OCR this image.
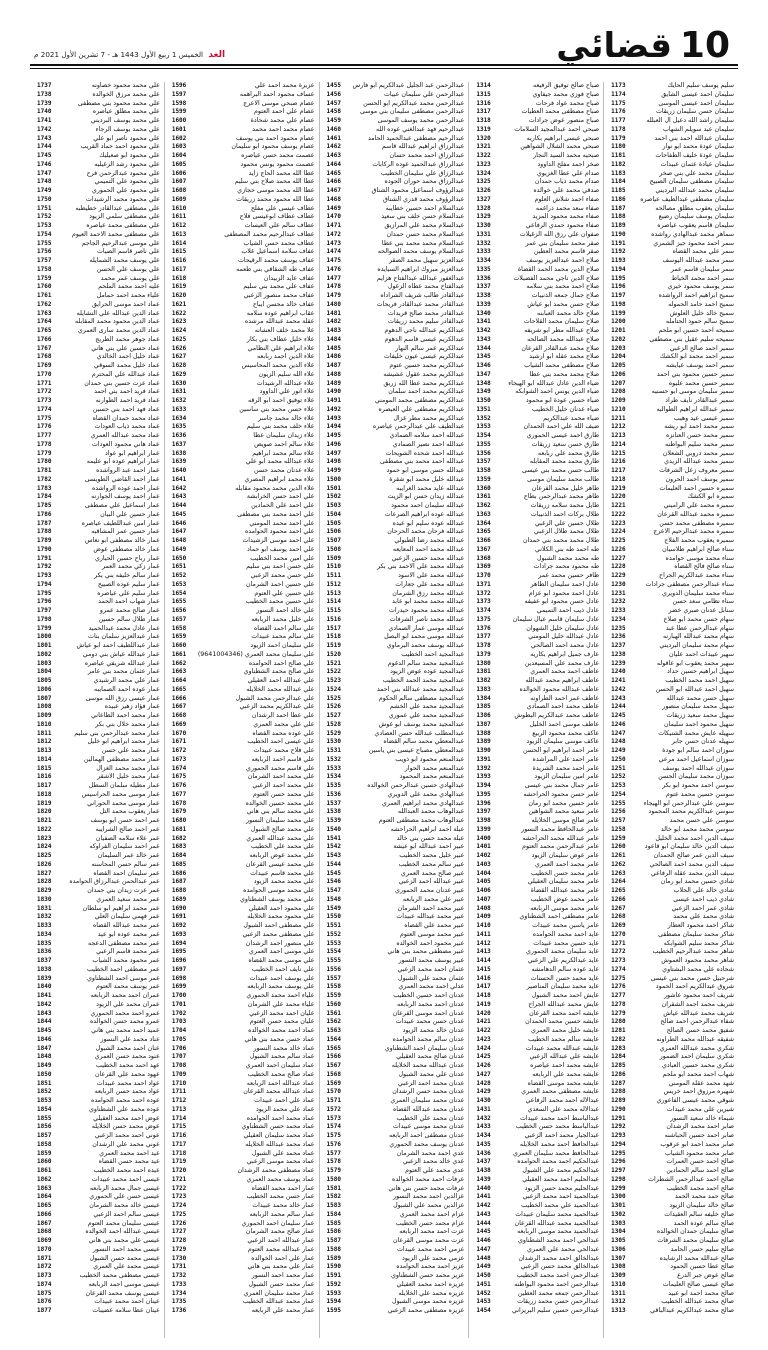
10
قضائي
الغد الخميس 1 ربيع الأول 1443 هـ - 7 تشرين الأول 2021 م
سليم يوسف سليم الحايك
1173
سليمان احمد عيسى الشايق
1174
سليمان احمد عيسى الموسى
1175
سليمان حسن سليمان زريقات
1176
سليمان راشد الله دعيل ال العبلله
1177
سليمان عبد سويلم الشهاب
1178
سليمان عبدالله احمد بني احمد
1179
سليمان عودة محمد ابو نوار
1180
سليمان عودة خليف الطفاحات
1181
سليمان عيادة عثمان عبيدات
1182
سليمان محمد علي بني صخر
1183
سليمان مصطفى سليمان الصبيح
1184
سليمان محمد عبدالله البرديني
1185
سليمان مصطفى عبدالطيف عياصره
1186
سليمان يعقوب مطلق مصالحه
1187
سليمان يوسف سليمان رضيع
1188
سليمان قاسم يعقوب عياصره
1189
سماهر محمد عبدالهادي رواشده
1190
سمر احمد محمود جيز الشمري
1191
سمر علي محمد القضاه
1192
سمر محمد عبدالله اليوسف
1193
سمر سليمان قاسم عمر
1194
سمر احمد محمد الخياط
1195
سمر يوسف محمود خيري
1196
سميح ابراهيم احمد الرواشده
1197
سميح احمد حامد الحموله
1198
سميح خالد خليل العلوش
1199
سميح سالم حمود الحتامله
1200
سميحه احمد حسين ابو ملحم
1201
سميحه سليم عقيل بني مصطفى
1202
سمير احمد صالح الزعبي
1203
سمير احمد محمد ابو الكشك
1204
سمير احمد يوسف عيايشه
1205
سمير حسين محمود بني احمد
1206
سمير حسين محمد عليوه
1207
سمير سليمان موسى ابو حسنيه
1208
سمير عبدالقادر نايف طراد
1209
سمير عبدالله ابراهيم الطوالبه
1210
سمير عيسى عيد وهيب
1211
سمير محمد احمد ابو ريشه
1212
سمير محمد حسن العنانزه
1213
سمير محمد سليم البواطنه
1214
سمير محمد دروبي الشعلان
1215
سمير محمد عبدالله الزيدي
1216
سمير معروف زعل الشرفات
1217
سمير يوسف احمد الحرون
1218
سميره حسين احمد العليمات
1219
سميره ابو الكشك
1220
سميره محمد علي الراميني
1221
سميره محمد عبدالله القرعان
1222
سميره مصطفى محمد حسن
1223
سميره محمد عبدالرحيم الاعرج
1224
سميره يعقوب محمد الفلاح
1225
سناء صالح ابراهيم طلاسيان
1226
سناء محمد موسى حوامده
1227
سناء صالح فالح القضاه
1228
سناء محمد عبدالكريم الجراح
1229
سناء عبدالرحمن مصطفى جرادات
1230
سناء محمد سليمان الدويري
1231
سناء نظامي سعد حسن
1232
سنابل عدنان صبري خضر
1233
سهام حسن محمد ابو صلاح
1234
سهام عبدالرحمن عطا عبد
1235
سهام محمد عبدالله الهبارنه
1236
سهام محمد سليمان البرديني
1237
سهير عبيدات احمد عليان
1238
سهير محمد يعقوب ابو عاقوله
1239
سهيل ابراهيم حسين حداد
1240
سهيل احمد محمد الخطيب
1241
سهيل احمد عبدالله ابو الحسن
1242
سهيل حسن محمد عبدالله
1243
سهيل محمد سليمان منصور
1244
سهيل محمد سعيد زريقات
1245
سهيل محمود احمد سليمان
1246
سهيله عايش محمد الشنيكات
1247
سهيله عدنان حسن جابر
1248
سوزان احمد سالم ابو جودة
1249
سوزان اسماعيل احمد مرعي
1250
سوزان عبدالله احمد يوسف
1251
سوزان محمد سليمان الحسن
1252
سوسن احمد محمود ابو بكر
1253
سوسن حسين محمد عتوم
1254
سوسن علي عبدالرحمن ابو الهيجاء
1255
سوسن عبدالكريم محمد المحمود
1256
سوسن علي حسن محمد
1257
سوسن محمد محمد ابو خالد
1258
سيف الدين احمد محمد الخليل
1259
سيف الدين خالد سليمان ابو قاعود
1260
سيف الدين عمر صالح الحمدان
1261
سيف الدين محمد احمد الصالحي
1262
سيف الدين محمد عقلة الرفاعي
1263
شادي حسين محمد ابو رمان
1264
شادي خالد علي الحلاب
1265
شادي ذيب احمد عيسى
1266
شادي عمر احمد الزعبي
1267
شادي محمد علي محمد
1268
شاكر احمد محمود العطار
1269
شاكر محمد سليمان مصطفى
1270
شاكر محمد سليم الشوابكه
1271
شاهر محمد عبدالرحيم الخطيب
1272
شاهر محمد محمود العموش
1273
شحاده علي محمد البشتاوي
1274
شرحبيل حسن محمد بني عيسى
1275
شروق عبدالكريم احمد الحمود
1276
شريف احمد محمود عاشور
1277
شريف محمد احمد الشقران
1278
شريف محمد عبدالله عياش
1279
شفاء عبدالرحمن احمد صالح
1280
شفيق محمد حسن الصالح
1281
شفيقه عبدالله محمد الطراونه
1282
شكري محمد عبدالله العمري
1283
شكري سليمان احمد الضمور
1284
شكري محمد حسين العبادي
1285
شهاب احمد محمد ابو ملحم
1286
شهد محمد عقلة المومني
1287
شهيره مرزوق احمد خريس
1288
شوقي محمد عيسى الفاعوري
1289
شيرين علي محمد عبيدات
1290
شيماء خالد سعيد النسور
1291
صابر احمد محمد الرشدان
1292
صابر احمد حسين الحباشنه
1293
صابر محمد احمد ابو عرقوب
1294
صابر محمد محمود الشياب
1295
صالح احمد حسن العمرات
1296
صالح احمد سالم الحمادين
1297
صالح احمد عبدالرحمن الشطرات
1298
صالح احمد محمد الخطيب
1299
صالح حمد محمد الحمد
1300
صالح خالد سليمان الزيود
1301
صالح خليفه سالم العقيدات
1302
صالح سالم عوده الحمد
1303
صالح سليمان حمدان الخوالده
1304
صالح سليمان محمد الشرفات
1305
صالح سليم حسن الحامد
1306
صالح عبدالله محمد الرشايده
1307
صالح عطا حسين الحمود
1308
صالح عوض جبر الدرع
1309
صالح عيسى صالح العليمات
1310
صالح محمد احمد ابو عبيد
1311
صالح محمد عبدالله الخطيب
1312
صالح محمد عبدالكريم عبدالباقي
1313
صباح صالح توفيق الرفيعه
1314
صباح فوزي محمد جيفاوي
1315
صباح محمد عواد فرحات
1316
صباح مصطفى محمد العطيات
1317
صباح منصور عوض جرادات
1318
صبحي احمد عبدالمجيد السلامات
1319
صبحي عيسى ابراهيم بكاريه
1320
صبحي محمد الشلال الشواهين
1321
صبحيه محمد السيد النجار
1322
صخر احمد مفلح الداوود
1323
صدام علي عطا الغزيوي
1324
صدام محمد ذياب حمدان
1325
صدقي محمد علي خوالده
1326
صفاء احمد شلاش العلوم
1327
صفاء سعد محمد دراغمه
1328
صفاء محمد محمود المزيد
1329
صفاء محمود حمدي الرفاعي
1330
صفوان علي رزق الله الزغيلات
1331
صقر محمد سليمان بني عمر
1332
صقر قاسم محمد العطين
1333
صلاح احمد عبدالعزيز يوسف
1334
صلاح الدين محمد الحمد القضاة
1335
صلاح الدين ناجي محمد الفضيلات
1336
صلاح احمد محمد بني سلامه
1337
صلاح جمال جمعه الذنيبات
1338
صلاح حسن محمد ابو عياش
1339
صلاح خالد محمد العبابنه
1340
صلاح سليمان محمد القلاحات
1341
صلاح عبدالله مطر ابو شريفه
1342
صلاح عبدالله محمد الصالحه
1343
صلاح محمد عبدالقادر القرعان
1344
صلاح محمد عقلة ابو ارشيد
1345
صلاح مصطفى محمد الشياب
1346
صلاح محمد محمد بني عطا
1347
ضياء الدين عادل عبدالله ابو الهيجاء
1348
ضياء الدين يونس احمد الشوابكه
1349
ضياء حسين عودة ابو محمود
1350
ضياء عدنان خليل الخطيب
1351
ضياء محمد عبدالكريم
1352
ضيف الله علي احمد الحمدان
1353
طارق احمد عيسى الحموري
1354
طارق حسن سعيد زريقات
1355
طارق محمد علي ربابعه
1356
طارق محمد محمد المقابله
1357
طالب حسن محمد بني عيسى
1358
طالب محمد سليمان موسى
1359
طاهر خليل محمد القرعان
1360
طاهر محمد عبدالرحمن بطاح
1361
طايل محمد سلامه زريقات
1362
طلال بركات احمد الذنيبات
1363
طلال حسين علي الزغبي
1364
طلال محمد طلال الزعبي
1365
طلال محمد محمد بني حمدان
1366
طه احمد طه بني الكلاني
1367
طه محمد محمد الشبول
1368
طه محمود محمد جرادات
1369
ظافر حسين محمد عمر
1370
عادل احمد سليمان الطاهر
1371
عادل احمد محمود ابو عزام
1372
عادل حسن محمود ابو عفيفه
1373
عادل ذيب احمد التميمي
1374
عادل سليمان قاسم عيال سليمان
1375
عادل سليمان خليل الشهوان
1376
عادل عبدالله خليل المومني
1377
عادل محمد احمد الصالحي
1378
عارف جميل ابراهيم بكاريه
1379
عارف محمد علي المسيعدين
1380
عاطف احمد محمد العمري
1381
عاطف ابراهيم محمد عبدالله
1382
عاطف عبدالله محمود الخوالده
1383
عاطف عمر احمد الطراونه
1384
عاطف محمد احمد الصمادي
1385
عاطف محمد عبدالكريم البطوش
1386
عاطف موسى احمد الخليل
1387
عاكف محمد محمود الربيع
1388
عاكف موسى سليمان الزيود
1389
عامر احمد ابراهيم ابو الحسن
1390
عامر احمد علي المراشده
1391
عامر احمد محمد الشريدة
1392
عامر امين سليمان الزيود
1393
عامر جمال محمد بني عيسى
1394
عامر حسن محمود الحراحشه
1395
عامر حسين محمد ابو رمان
1396
عامر سعيد محمد الشواهين
1397
عامر صالح موسى الخلايله
1398
عامر عبدالحافظ محمد النسور
1399
عامر عبدالله محمد الحراحشه
1400
عامر عبدالرحمن محمد العتوم
1401
عامر عوض سليمان الزيود
1402
عامر محمد احمد العمري
1403
عامر محمد حسن الخطيب
1404
عامر محمد سليمان العقيلي
1405
عامر محمد عبدالله القضاة
1406
عامر محمد عوض الخطيب
1407
عامر محمد موسى الربابعه
1408
عامر مصطفى احمد الشطناوي
1409
عامر ياسين محمد عبيدات
1410
عايد احمد محمد الحوامده
1411
عايد حسين محمد عبيدات
1412
عايد سليمان محمد الحموري
1413
عايد عبدالكريم علي الزعبي
1414
عايد عوده سالم الدهامشه
1415
عايد محمد حسن الحسنات
1416
عايد محمد سليمان المناصير
1417
عايش احمد محمد الشبول
1418
عايش محمد عبدالله الجراح
1419
عايشه احمد محمد القرعان
1420
عايشه حسين محمد الحمدان
1421
عايشه خليل محمد العمري
1422
عايشه سالم محمد الخطيب
1423
عايشه عبدالله محمد عبيدات
1424
عايشه علي عبدالله الزعبي
1425
عايشه محمد احمد عياصره
1426
عايشه محمد علي الربابعه
1427
عايشه محمد موسى القضاه
1428
عايشه مصطفى محمد العمري
1429
عبدالاله احمد محمد الرفاعي
1430
عبدالاله محمد علي السعدي
1431
عبدالباسط احمد محمد عبيدات
1432
عبدالباسط محمد حسن الخطيب
1433
عبدالجبار محمد احمد الزعبي
1434
عبدالحافظ احمد محمد الخلايله
1435
عبدالحافظ محمد سليمان العمري
1436
عبدالحكيم احمد محمد الحوامده
1437
عبدالحكيم محمد علي الشبول
1438
عبدالحليم احمد محمد العقيلي
1439
عبدالحليم محمد حسن الزيود
1440
عبدالحميد احمد محمد الزعبي
1441
عبدالحميد علي محمد الخطيب
1442
عبدالحميد محمد سليمان عبيدات
1443
عبدالحميد محمد عبدالله القرعان
1444
عبدالحميد محمد موسى الربابعه
1445
عبدالحي احمد محمد الشطناوي
1446
عبدالحي محمد علي العمري
1447
عبدالخالق احمد محمد الرشدان
1448
عبدالخالق محمد حسن الزعبي
1449
عبدالرحمن احمد محمد الخطيب
1450
عبدالرحمن احمد محمود البواطنه
1451
عبدالرحمن جمعه محمد العطين
1452
عبدالرحمن حسن محمد زريقات
1453
عبدالرحمن حسين سليم البريزاني
1454
عبدالرحمن عبد الجليل عبدالكريم ابو فارس
1455
عبدالرحمن علي سليمان عبيات
1456
عبدالرحمن محمد عبدالكريم ابو الحسن
1457
عبدالرحمن مصطفى سليمان بني موسى
1458
عبدالرحمن محمد يوسف الموسى
1459
عبدالرحيم فهد عبدالغني عوده الله
1460
عبدالرحيم مصطفى عبدالحميد الحامد
1461
عبدالرزاق ابراهيم عبدالله قاسم
1462
عبدالرزاق احمد محمد حسان
1463
عبدالرزاق عبدالحميد عوده الركابات
1464
عبدالرزاق علي سليمان الخطيب
1465
عبدالرزاق محمد حوران الجوده
1466
عبدالرؤوف اسماعيل محمود الشناق
1467
عبدالرؤوف محمد قدري الشناق
1468
عبدالسلام احمد حسين خطايبه
1469
عبدالسلام حسن خلف بني سعيد
1470
عبدالسلام محمد علي المرازيق
1471
عبدالسلام محمد حسن حمدان
1472
عبدالسلام محمد محمد بني عطا
1473
عبدالسلام يوسف محمد الصوالحه
1474
عبدالعزيز سهيل محمد الصقر
1475
عبدالعزيز مبروك ابراهيم السيايده
1476
عبدالغفور عبدالله عبدالفتاح هزايم
1477
عبدالفتاح محمد عطاه الزغول
1478
عبدالقادر طالب شريف الشراداه
1479
عبدالقادر محمد عبدالقادر فريحات
1480
عبدالقادر محمد صالح قريدات
1481
عبدالقادر سليم محمد زريقات
1482
عبدالكريم عبدالله ناجي الدهوم
1483
عبدالكريم عيسى قاسم الدهوم
1484
عبدالكريم عمر سالم النهار
1485
عبدالكريم عيسى عيون خليفات
1486
عبدالكريم محمد حسين عتوم
1487
عبدالكريم محمد عقول عشيشه
1488
عبدالكريم محمد عطا الله زريق
1489
عبدالكريم محمد احمد سلمان
1490
عبدالكريم مصطفى محمد المومني
1491
عبدالكريم مصطفى علي العيصره
1492
عبدالكريم محمد مطر غزال
1493
عبدالطيف علي عبدالرحمن عياصره
1494
عبدالله احمد سلامه الصمادي
1495
عبدالله احمد نصير الصمادي
1496
عبدالله احمد شحده الشويحات
1497
عبدالله احمد محمد بني مصطفى
1498
عبدالله حسن موسى ابو حمود
1499
عبدالله خليل محمد ابو شقرة
1500
عبدالله عايد محمد الغرايبه
1501
عبدالله زيدان حسن ابو الزيت
1502
عبدالله سليمان احمد محمود
1503
عبدالله عوده ابراهيم الصرعات
1504
عبدالله عوده سليم ابو عيده
1505
عبدالله فرحان محمد الحرحان
1506
عبدالله محمد رضا الطبولي
1507
عبدالله محمد احمد المعايعه
1508
عبدالله محمد حسين الزعبي
1509
عبدالله محمد علي الاحمد بني بكر
1510
عبدالله محمد علي الاسود
1511
عبدالله محمد علي جعارات
1512
عبدالله محمد رزق الشرمان
1513
عبدالله محمد محمد ابو عابد
1514
عبدالله محمد محمود حيدرات
1515
عبدالله محمد ناصر الشرفات
1516
عبدالله موسى عمار الصمادي
1517
عبدالله موسى محمد ابو البصل
1518
عبدالله يوسف محمد البرماوي
1519
عبدالمجيد احمد الخطيب
1520
عبدالمجيد محمد سالم الدغوم
1521
عبدالمجيد عوده عوض الزيود
1522
عبدالمجيد محمد الحمد الخطيب
1523
عبدالمجيد محمد عبدالله بني احمد
1524
عبدالمجيد مصطفى سالم الحكوم
1525
عبدالمجيد محمد علي الخشم
1526
عبدالمجيد محمد علي عموري
1527
عبدالمجيد محمد يوسف ابو غوش
1528
عبدالمطلب عبدالله حسن العصادي
1529
عبدالمعطي محمد سالم القضاه
1530
عبدالمعطي مصباح عيسى بني ياسين
1531
عبدالمنعم محمود ابو ذويب
1532
عبدالمنعم محمد الحوار
1533
عبدالمنعم محمد المحمود
1534
عبدالهادي حسين عبدالرحمن الخوالده
1535
عبدالهادي محمد علي الدويري
1536
عبدالهادي محمد ابراهيم العمري
1537
عبدالوهاب محمد العبدالله
1538
عبدالوهاب محمد مصطفى العتوم
1539
عبلة احمد ابراهيم الحراحشه
1540
عبلة محمد حسن بني خالد
1541
عبير احمد عبدالله ابو عيشة
1542
عبير خليل محمد الخطيب
1543
عبير سالم محمد الخطيب
1544
عبير صالح محمد العمري
1545
عبير عبدالله احمد الزعبي
1546
عبير عدنان محمد الحموري
1547
عبير علي محمد الربابعه
1548
عبير محمد احمد الشرمان
1549
عبير محمد عبدالله عبيدات
1550
عبير محمد علي القضاه
1551
عبير محمد موسى العتوم
1552
عبير محمود احمد الخوالده
1553
عبير مصطفى محمد بني هاني
1554
عبير يوسف محمد النسور
1555
عثمان احمد محمد الزعبي
1556
عثمان محمد علي الشبول
1557
عدلي احمد محمد العمري
1558
عدنان احمد حسين الخطيب
1559
عدنان احمد محمد الربابعه
1560
عدنان احمد موسى القرعان
1561
عدنان حسن محمد عبيدات
1562
عدنان خالد محمد الزيود
1563
عدنان سالم محمد الحوامده
1564
عدنان سليمان احمد الشطناوي
1565
عدنان صالح محمد العقيلي
1566
عدنان عبدالله محمد الخلايله
1567
عدنان علي محمد الشبول
1568
عدنان محمد احمد الزعبي
1569
عدنان محمد حسن الرشدان
1570
عدنان محمد سليمان العمري
1571
عدنان محمد عبدالله القضاه
1572
عدنان محمد علي الخطيب
1573
عدنان محمد موسى عبيدات
1574
عدنان مصطفى احمد الربابعه
1575
عدنان يوسف محمد الحموري
1576
عدي احمد محمد الشرمان
1577
عدي خالد محمد الزعبي
1578
عدي محمد علي العتوم
1579
عرفات احمد محمد الخوالده
1580
عرفات محمد حسن بني هاني
1581
عزالدين احمد محمد النسور
1582
عزالدين محمد علي الشبول
1583
عزام احمد محمد العمري
1584
عزام محمد حسن الخطيب
1585
عزت احمد محمد الربابعه
1586
عزت محمد موسى القرعان
1587
عزمي احمد محمد عبيدات
1588
عزمي محمد علي الزيود
1589
عزيز احمد محمد الحوامده
1590
عزيز محمد حسن الشطناوي
1591
عزيزه احمد محمد العقيلي
1592
عزيزه محمد علي الخلايله
1593
عزيزه محمد موسى الشبول
1594
عزيزه مصطفى محمد الزعبي
1595
عزيزة محمد احمد علي
1596
عساف محمود احمد البراهمه
1597
عصام صبحي موسى الاعرج
1598
عصام علي احمد العتوم
1599
عصام علي محمد شحادة
1600
عصام محمد احمد محمد
1601
عصام محمود احمد بني يوسف
1602
عصام يوسف محمود ابو سليمان
1603
عصمت محمد حسن عياصره
1604
عصمت محمود يونس محمود
1605
عطا الله محمد الحاج زايد
1606
عطا الله محمد صلاح بني سليم
1607
عطا الله محمد موسى حجازي
1608
عطا الله محمود محمد زريقات
1609
عطاف عيسى علي مفلح
1610
عطاف عطاف ابوعيسى فلاح
1611
عطاف سالم علي العيسات
1612
عطاف عبدالرحيم محمد المصطفى
1613
عطاف محمد حسن الشياب
1614
عفاف سلامة اسماعيل غلاب
1615
عفاف يوسف محمد الرقيحات
1616
عفاف طه الشقاقي بني طعمه
1617
عفاف عايد الزبيدان
1618
عفاف علي محمد بني سليم
1619
عفاف محمد منصور الزعبي
1620
عفاف خالد محسن ايباح
1621
عقاب ابراهيم عوده سلامه
1622
عقلة محمد عبدالله مرشده
1623
علا محمد خلف العشانه
1624
علاء خليل عطاف بني بكار
1625
علاء ابراهيم علي النظامي
1626
علاء الدين احمد ربابعه
1627
علاء الدين محمد المحاسيس
1628
علاء الله سليم الزيون
1629
علاء عبدالله الرشيدات
1630
علاء انور علي الداوود
1631
علاء توفيق احمد ابو الرقه
1632
علاء حسن محمد بني ساسين
1633
علاء خالد محمد جاسر
1634
علاء خلف محمد بني سليم
1635
علاء زيدان سليمان عطا
1636
علاء سالم احمد صويص
1637
علاء سالم محمد ابراهيم
1638
علاء عبدالله محمد ابو علي
1639
علاء عدنان محمد حسن
1640
علاء محمد ابراهيم المصري
1641
علاء الدين محمد محمود مقابله
1642
علي احمد حسن الخرابشة
1643
علي احمد علي الحمادين
1644
علي احمد محمد بني مصطفى
1645
علي احمد محمد المومني
1646
علي احمد محمود الحوامده
1647
علي احمد موسى الرشيدات
1648
علي احمد يوسف ابو حماد
1649
علي امين محمد الخطيب
1650
علي حسن احمد بني سليم
1651
علي حسن محمد الزعبي
1652
علي حسين احمد الشرمان
1653
علي حسين علي العتوم
1654
علي حسين محمد الخطيب
1655
علي خالد احمد النسور
1656
علي خليل محمد الربابعه
1657
علي سالم احمد القضاه
1658
علي سالم محمد عبيدات
1659
علي سليمان احمد الزيود
1660
علي سليمان محمد العمري (9641004346)
1661
علي صالح احمد الحوامده
1662
علي صالح محمد الشطناوي
1663
علي عبدالله احمد العقيلي
1664
علي عبدالله محمد الخلايله
1665
علي عبدالرحمن محمد الشبول
1666
علي عبدالكريم محمد الزعبي
1667
علي عطا احمد الرشدان
1668
علي علي محمد العمري
1669
علي عوده محمد القضاه
1670
علي عيسى احمد الخطيب
1671
علي فلاح محمد عبيدات
1672
علي قاسم احمد الربابعه
1673
علي قاسم محمد الحموري
1674
علي محمد احمد الشرمان
1675
علي محمد احمد الزعبي
1676
علي محمد حسن العتوم
1677
علي محمد حسين الخوالده
1678
علي محمد سالم بني هاني
1679
علي محمد سليمان النسور
1680
علي محمد صالح الشبول
1681
علي محمد عبدالله العمري
1682
علي محمد علي الخطيب
1683
علي محمد عوض الربابعه
1684
علي محمد عيسى القرعان
1685
علي محمد قاسم عبيدات
1686
علي محمد محمد الزيود
1687
علي محمد موسى الحوامده
1688
علي محمد يوسف الشطناوي
1689
علي محمود احمد العقيلي
1690
علي محمود محمد الخلايله
1691
علي مصطفى احمد الشبول
1692
علي مصطفى محمد الزعبي
1693
علي منصور احمد الرشدان
1694
علي موسى احمد العمري
1695
علي موسى محمد القضاه
1696
علي نايف احمد الخطيب
1697
علي يوسف احمد عبيدات
1698
علي يوسف محمد الربابعه
1699
علياء احمد محمد الحموري
1700
علياء محمد علي الشرمان
1701
عليان احمد محمد الزعبي
1702
عليان محمد حسن العتوم
1703
عماد احمد محمد الخوالده
1704
عماد حسن محمد بني هاني
1705
عماد خالد محمد النسور
1706
عماد سالم محمد الشبول
1707
عماد سليمان احمد العمري
1708
عماد صالح محمد الخطيب
1709
عماد عبدالله احمد الربابعه
1710
عماد عبدالله محمد القرعان
1711
عماد علي احمد عبيدات
1712
عماد علي محمد الزيود
1713
عماد محمد احمد الحوامده
1714
عماد محمد حسن الشطناوي
1715
عماد محمد سليمان العقيلي
1716
عماد محمد عبدالله الخلايله
1717
عماد محمد علي الشبول
1718
عماد محمد موسى الزعبي
1719
عماد مصطفى محمد الرشدان
1720
عماد يوسف محمد العمري
1721
عمار احمد محمد القضاه
1722
عمار حسن محمد الخطيب
1723
عمار خالد محمد عبيدات
1724
عمار سالم محمد الربابعه
1725
عمار سليمان احمد الحموري
1726
عمار صالح محمد الشرمان
1727
عمار عبدالله احمد الزعبي
1728
عمار عبدالله محمد العتوم
1729
عمار علي احمد الخوالده
1730
عمار علي محمد بني هاني
1731
عمار محمد احمد النسور
1732
عمار محمد حسن الشبول
1733
عمار محمد سليمان العمري
1734
عمار محمد عبدالله الخطيب
1735
عمار محمد علي الربابعه
1736
علي محمد محمود خصاونه
1737
علي محمد مرزق الخوالده
1738
علي محمد محمود بني مصطفى
1739
علي محمد مطلق عياصره
1740
علي محمد يوسف البرديني
1741
علي محمد يوسف الرجاء
1742
علي محمود ناصر ابو علي
1743
علي محمود احمد حماد القريب
1744
علي محمود ابو صعيليك
1745
علي محمود رشد الزغيليه
1746
علي محمود عبدالرحمن فرح
1747
علي محمود علي التميمي
1748
علي محمود علي الحموري
1749
علي محمود محمد الرشيدات
1750
علي مصطفى عبدالقادر خطيطبه
1751
علي مصطفى سلمي الزيود
1752
علي مصطفى محمد عياصره
1753
علي مصطفى محمد الاحمد العيوم
1754
علي موسى عبدالرحيم الجاجم
1755
علي ناصر قاسم الصيات
1756
علي يوسف محمد الشمايله
1757
علي يوسف علي الحسن
1758
علي يوسف عمر محمد
1759
عليه احمد محمد الملحم
1760
علياء محمد احمد حمامل
1761
عماد احمد موسى الحرايق
1762
عماد الدين عبدالله علي النشايله
1763
عماد الدين محمود محمد المقابله
1764
عماد الدين محمد سارى العمري
1765
عماد جوهر محمد الطريج
1766
عماد حسين علي بني هاني
1767
عماد خليل احمد الخالدي
1768
عماد خليل محمد السوقي
1769
عماد عبدالله علي المحترم
1770
عماد عزت حسين بني حمدان
1771
عماد فريد احمد بني احمد
1772
عماد فريد احمد الطوارنه
1773
عماد فهد احمد بني حسين
1774
عماد محمد حمدان القضاه
1775
عماد محمد ذياب العودات
1776
عماد محمد عبدالله العمري
1777
عماد هاني محمود العودات
1778
عمار ابراهيم ابو عواد
1779
عمار ابراهيم عوده ابو عليمه
1780
عمار احمد عبد الرواشده
1781
عمار احمد القاضي الطويسى
1782
عمار احمد عوده الرواشده
1783
عمار احمد يوسف الجوارنه
1784
عمار اسماعيل علي مصطفى
1785
عمار حسين علي البيان
1786
عمار امين عبداللطيف عياصره
1787
عمار حسين عمر المشاقبه
1788
عمار خالد مصطفى ابو نعاس
1789
عمار خالد مصطفى عوض
1790
عمار رباح حسين الحياري
1791
عمار زكي محمد العمر
1792
عمار سالم خليفه بني يكر
1793
عمار سليم عوده الصبيح
1794
عمار سليم علي عياصره
1795
عمار شهاب احمد الحمد
1796
عمار صالح محمد عمرو
1797
عمار طلال سالم حسين
1798
عمار عادل محمد عبدالحميد
1799
عمار عبدالعزيز سلمان بنات
1800
عمار عبداللطيف احمد ابو عياش
1801
عمار عبدالله عياش بني دومي
1802
عمار عبدالله شريفي عياصره
1803
عمار عثمان محمد بني عامر
1804
عمار علي محمد الرشيدي
1805
عمار عوده احمد الصمايبه
1806
عمار عيسى رزق الله موسى
1807
عمار فؤاد زهير عبيده
1808
عمار محمد احمد الطاعاني
1809
عمار محمد خلال بني بكر
1810
عمار محمد عبدالرحمن بني سليم
1811
عمار محمد ابراهيم ابو خليل
1812
عمار محمد علي حسن
1813
عمار محمد مصطفى الهمالين
1814
عمار محمد محمد الغزال
1815
عمار محمد خليل الاشقر
1816
عمار مطيلة سلمان السطل
1817
عمار موسى محمد الحراسيس
1818
عمار موسى محمد الحوراني
1819
عمار يعقوب محمد التل
1820
عمر احمد حسن ابو يوسف
1821
عمر احمد صالح الشرايبه
1822
عمر علاء سلامه الصفيان
1823
عمر احمد سليمان الفراوكه
1824
عمر خالد عمر السليمان
1825
عمر سالم حسن المحاسنه
1826
عمر سليمان احمد القضاه
1827
عمر عبدالحمن عبدالرزاق الحوامده
1828
عمر عزت زيدان بني حمدان
1829
عمر محمد سعيد العمري
1830
عمر محمد ابراهيم ابو سلطان
1831
عمر فهمي سليمان العلي
1832
عمر محمد عبدالله القضاه
1833
عمر محمد عوده ابو عيد
1834
عمر محمد مصطفى الدعجه
1835
عمر محمد قاسم الزعبي
1836
عمر محمود محمد الشياب
1837
عمر مصطفى احمد الخطيب
1838
عمر موسى احمد الشطناوي
1839
عمر يوسف محمد العتوم
1840
عمران احمد محمد الربابعه
1841
عمران محمد علي الزيود
1842
عمرو احمد محمد الحموري
1843
عمرو محمد حسن الخوالده
1844
عميد احمد محمد بني هاني
1845
عناد محمد علي النسور
1846
عنان احمد محمد الشبول
1847
عنود محمد حسن العمري
1848
عهد احمد محمد الخطيب
1849
عهود محمد علي القرعان
1850
عواد احمد محمد عبيدات
1851
عواد محمد حسن الربابعه
1852
عوده احمد محمد الحوامده
1853
عوده محمد علي الشطناوي
1854
عوض احمد محمد العقيلي
1855
عوض محمد حسن الخلايله
1856
عوني احمد محمد الزعبي
1857
عوني محمد علي الرشدان
1858
عيد احمد محمد العمري
1859
عيد محمد حسن القضاه
1860
عيده احمد محمد الخطيب
1861
عيسى احمد محمد عبيدات
1862
عيسى جمال محمد الربابعه
1863
عيسى حسن علي الحموري
1864
عيسى خالد محمد الشرمان
1865
عيسى سالم احمد الزعبي
1866
عيسى سليمان محمد العتوم
1867
عيسى عبدالله احمد الخوالده
1868
عيسى علي محمد بني هاني
1869
عيسى محمد احمد النسور
1870
عيسى محمد حسن الشبول
1871
عيسى محمد علي العمري
1872
عيسى مصطفى محمد الخطيب
1873
عيسى موسى احمد الربابعه
1874
عيسى يوسف محمد القرعان
1875
عينان احمد محمد عبيدات
1876
عينان عطا سلامة عضيبات
1877
